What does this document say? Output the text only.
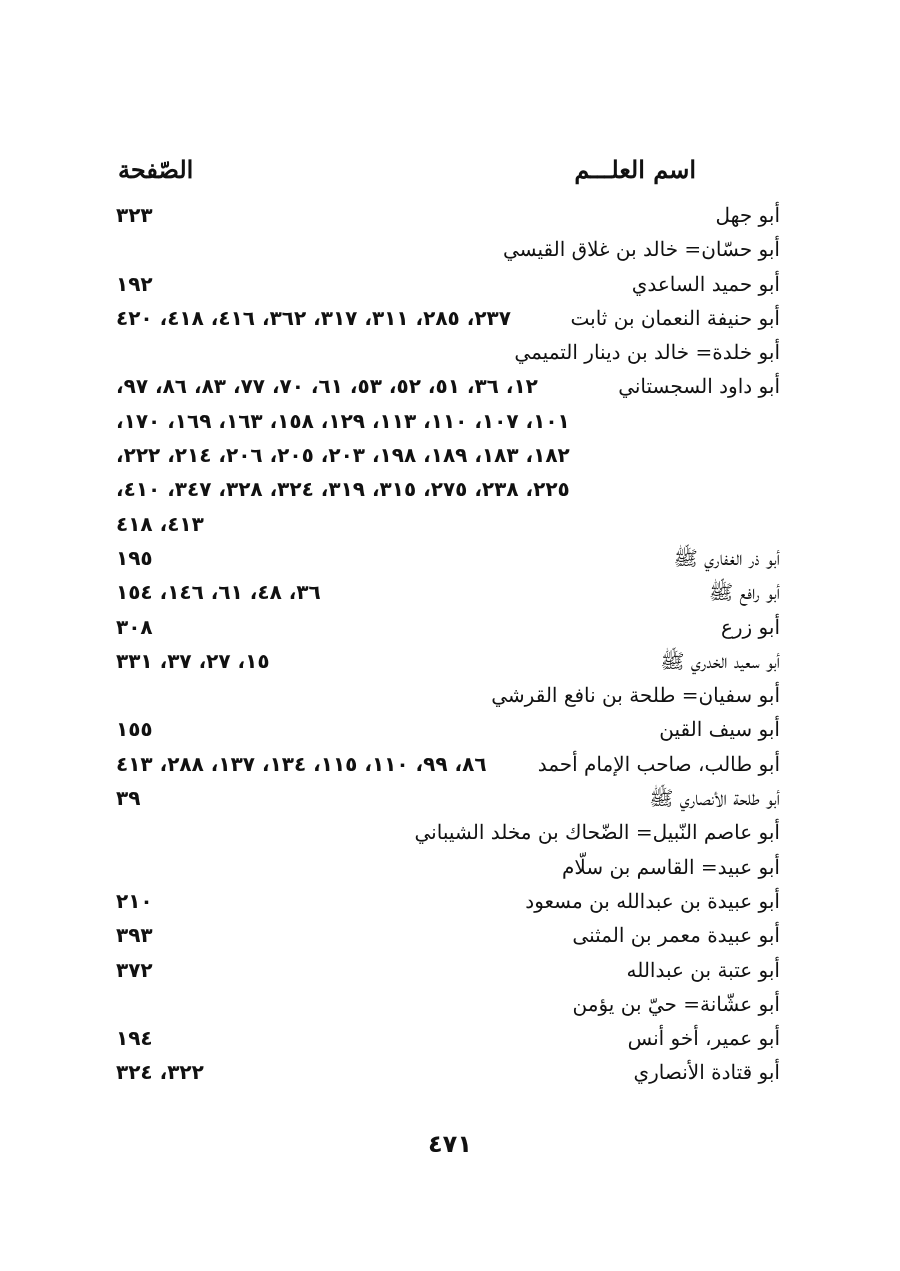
اسم العلـــم
الصّفحة
أبو جهل
٣٢٣
أبو حسّان= خالد بن غلاق القيسي
أبو حميد الساعدي
١٩٢
أبو حنيفة النعمان بن ثابت
٢٣٧، ٢٨٥، ٣١١، ٣١٧، ٣٦٢، ٤١٦، ٤١٨، ٤٢٠
أبو خلدة= خالد بن دينار التميمي
أبو داود السجستاني
١٢، ٣٦، ٥١، ٥٢، ٥٣، ٦١، ٧٠، ٧٧، ٨٣، ٨٦، ٩٧،
١٠١، ١٠٧، ١١٠، ١١٣، ١٢٩، ١٥٨، ١٦٣، ١٦٩، ١٧٠،
١٨٢، ١٨٣، ١٨٩، ١٩٨، ٢٠٣، ٢٠٥، ٢٠٦، ٢١٤، ٢٢٢،
٢٢٥، ٢٣٨، ٢٧٥، ٣١٥، ٣١٩، ٣٢٤، ٣٢٨، ٣٤٧، ٤١٠،
٤١٣، ٤١٨
أبو ذر الغفاري ﷺ
١٩٥
أبو رافع ﷺ
٣٦، ٤٨، ٦١، ١٤٦، ١٥٤
أبو زرع
٣٠٨
أبو سعيد الخدري ﷺ
١٥، ٢٧، ٣٧، ٣٣١
أبو سفيان= طلحة بن نافع القرشي
أبو سيف القين
١٥٥
أبو طالب، صاحب الإمام أحمد
٨٦، ٩٩، ١١٠، ١١٥، ١٣٤، ١٣٧، ٢٨٨، ٤١٣
أبو طلحة الأنصاري ﷺ
٣٩
أبو عاصم النّبيل= الضّحاك بن مخلد الشيباني
أبو عبيد= القاسم بن سلّام
أبو عبيدة بن عبدالله بن مسعود
٢١٠
أبو عبيدة معمر بن المثنى
٣٩٣
أبو عتبة بن عبدالله
٣٧٢
أبو عشّانة= حيّ بن يؤمن
أبو عمير، أخو أنس
١٩٤
أبو قتادة الأنصاري
٣٢٢، ٣٢٤
٤٧١
